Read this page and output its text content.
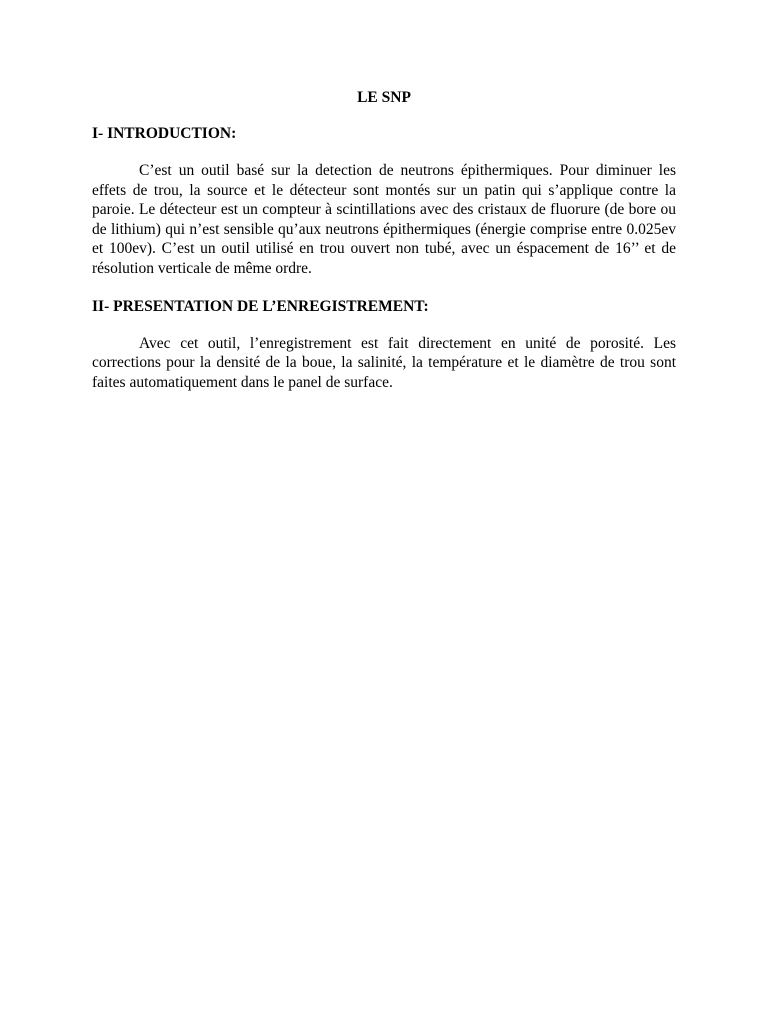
LE SNP
I- INTRODUCTION:

C’est un outil basé sur la detection de neutrons épithermiques. Pour diminuer les effets de trou, la source et le détecteur sont montés sur un patin qui s’applique contre la paroie. Le détecteur est un compteur à scintillations avec des cristaux de fluorure (de bore ou de lithium) qui n’est sensible qu’aux neutrons épithermiques (énergie comprise entre 0.025ev et 100ev). C’est un outil utilisé en trou ouvert non tubé, avec un éspacement de 16’’ et de résolution verticale de même ordre.

II- PRESENTATION DE L’ENREGISTREMENT:

Avec cet outil, l’enregistrement est fait directement en unité de porosité. Les corrections pour la densité de la boue, la salinité, la température et le diamètre de trou sont faites automatiquement dans le panel de surface.
